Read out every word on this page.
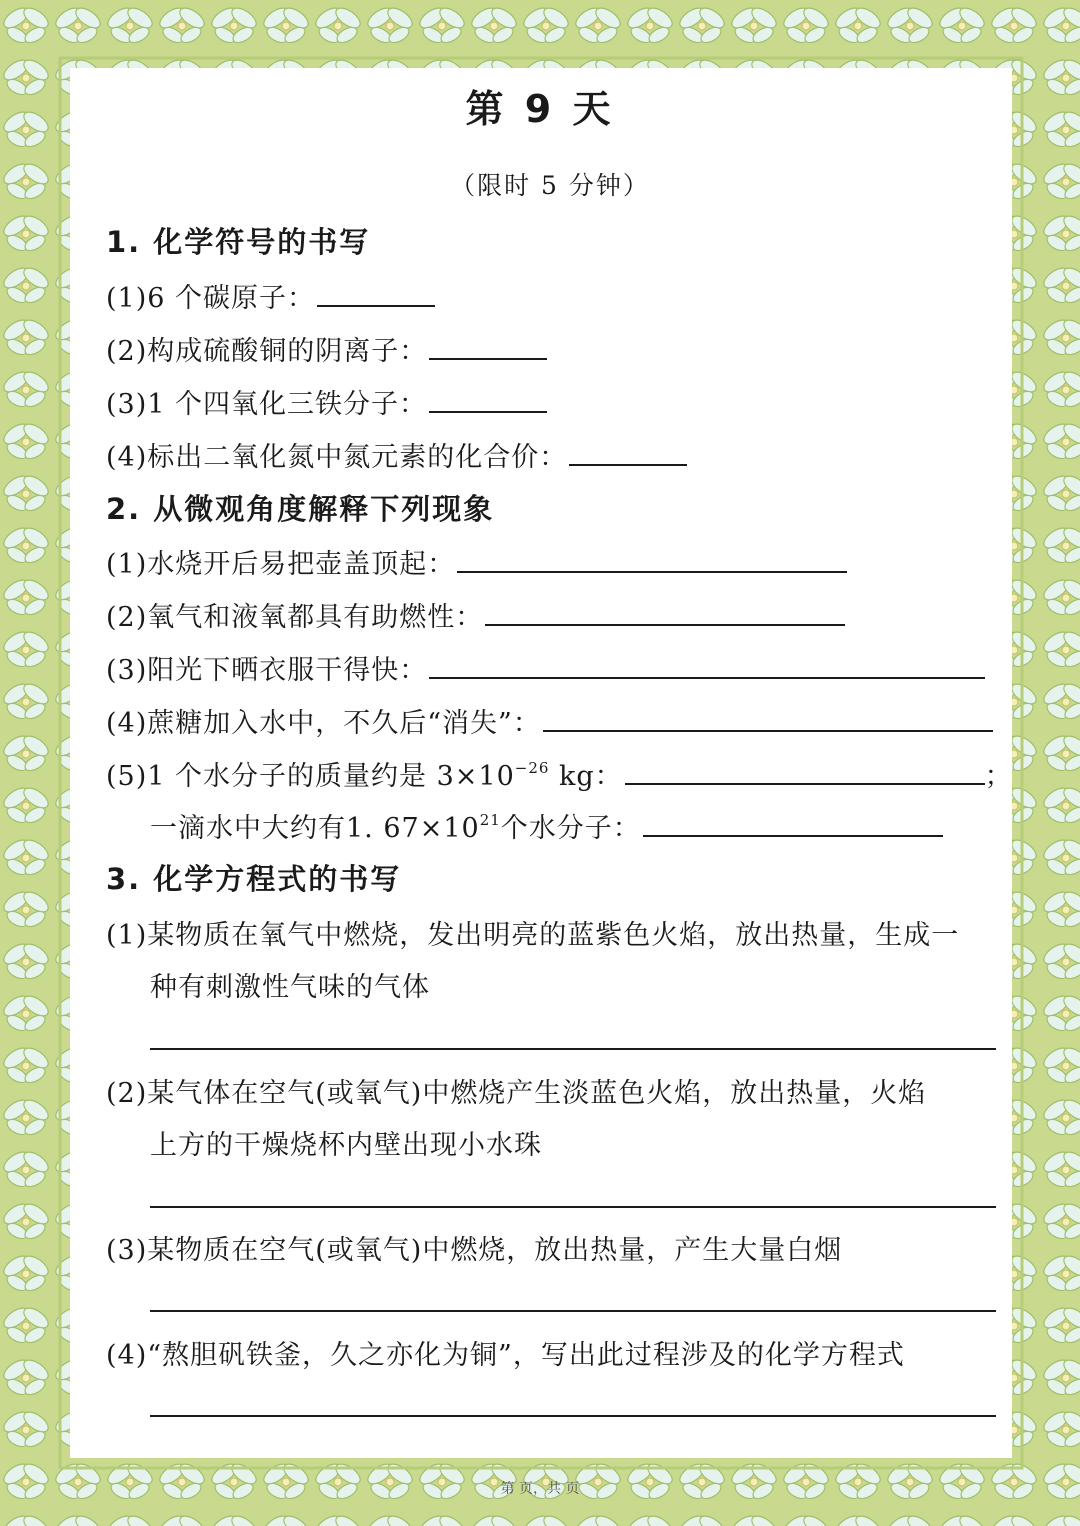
第 9 天
（限时 5 分钟）
1. 化学符号的书写
(1)6 个碳原子：
(2)构成硫酸铜的阴离子：
(3)1 个四氧化三铁分子：
(4)标出二氧化氮中氮元素的化合价：
2. 从微观角度解释下列现象
(1)水烧开后易把壶盖顶起：
(2)氧气和液氧都具有助燃性：
(3)阳光下晒衣服干得快：
(4)蔗糖加入水中，不久后“消失”：
(5)1 个水分子的质量约是 $3\times 10^{-26}$ kg：	；
一滴水中大约有1. $67\times 10^{21}$个水分子：
3. 化学方程式的书写
(1)某物质在氧气中燃烧，发出明亮的蓝紫色火焰，放出热量，生成一
种有刺激性气味的气体
(2)某气体在空气(或氧气)中燃烧产生淡蓝色火焰，放出热量，火焰
上方的干燥烧杯内壁出现小水珠
(3)某物质在空气(或氧气)中燃烧，放出热量，产生大量白烟
(4)“熬胆矾铁釜，久之亦化为铜”，写出此过程涉及的化学方程式
第 页，共 页
